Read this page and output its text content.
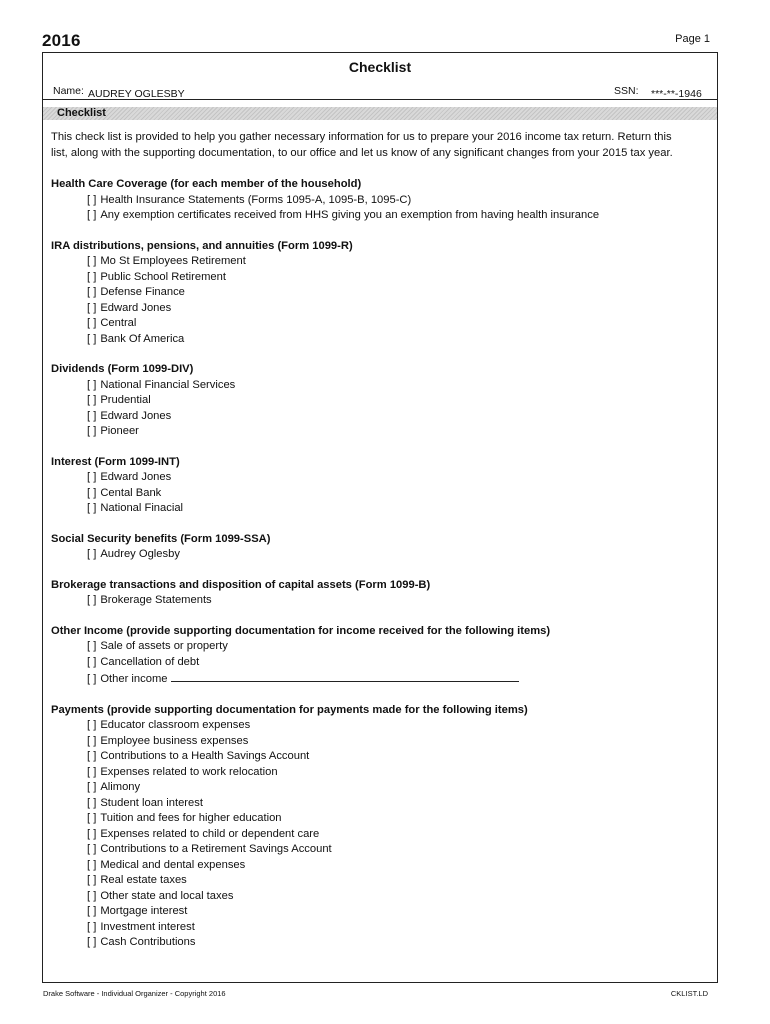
2016	Page 1
Checklist
Name: AUDREY OGLESBY	SSN: ***-**-1946
Checklist

This check list is provided to help you gather necessary information for us to prepare your 2016 income tax return. Return this list, along with the supporting documentation, to our office and let us know of any significant changes from your 2015 tax year.

Health Care Coverage (for each member of the household)
[ ] Health Insurance Statements (Forms 1095-A, 1095-B, 1095-C)
[ ] Any exemption certificates received from HHS giving you an exemption from having health insurance
IRA distributions, pensions, and annuities (Form 1099-R)
[ ] Mo St Employees Retirement
[ ] Public School Retirement
[ ] Defense Finance
[ ] Edward Jones
[ ] Central
[ ] Bank Of America
Dividends (Form 1099-DIV)
[ ] National Financial Services
[ ] Prudential
[ ] Edward Jones
[ ] Pioneer
Interest (Form 1099-INT)
[ ] Edward Jones
[ ] Cental Bank
[ ] National Finacial
Social Security benefits (Form 1099-SSA)
[ ] Audrey Oglesby
Brokerage transactions and disposition of capital assets (Form 1099-B)
[ ] Brokerage Statements
Other Income (provide supporting documentation for income received for the following items)
[ ] Sale of assets or property
[ ] Cancellation of debt
[ ] Other income
Payments (provide supporting documentation for payments made for the following items)
[ ] Educator classroom expenses
[ ] Employee business expenses
[ ] Contributions to a Health Savings Account
[ ] Expenses related to work relocation
[ ] Alimony
[ ] Student loan interest
[ ] Tuition and fees for higher education
[ ] Expenses related to child or dependent care
[ ] Contributions to a Retirement Savings Account
[ ] Medical and dental expenses
[ ] Real estate taxes
[ ] Other state and local taxes
[ ] Mortgage interest
[ ] Investment interest
[ ] Cash Contributions
Drake Software - Individual Organizer - Copyright 2016	CKLIST.LD
